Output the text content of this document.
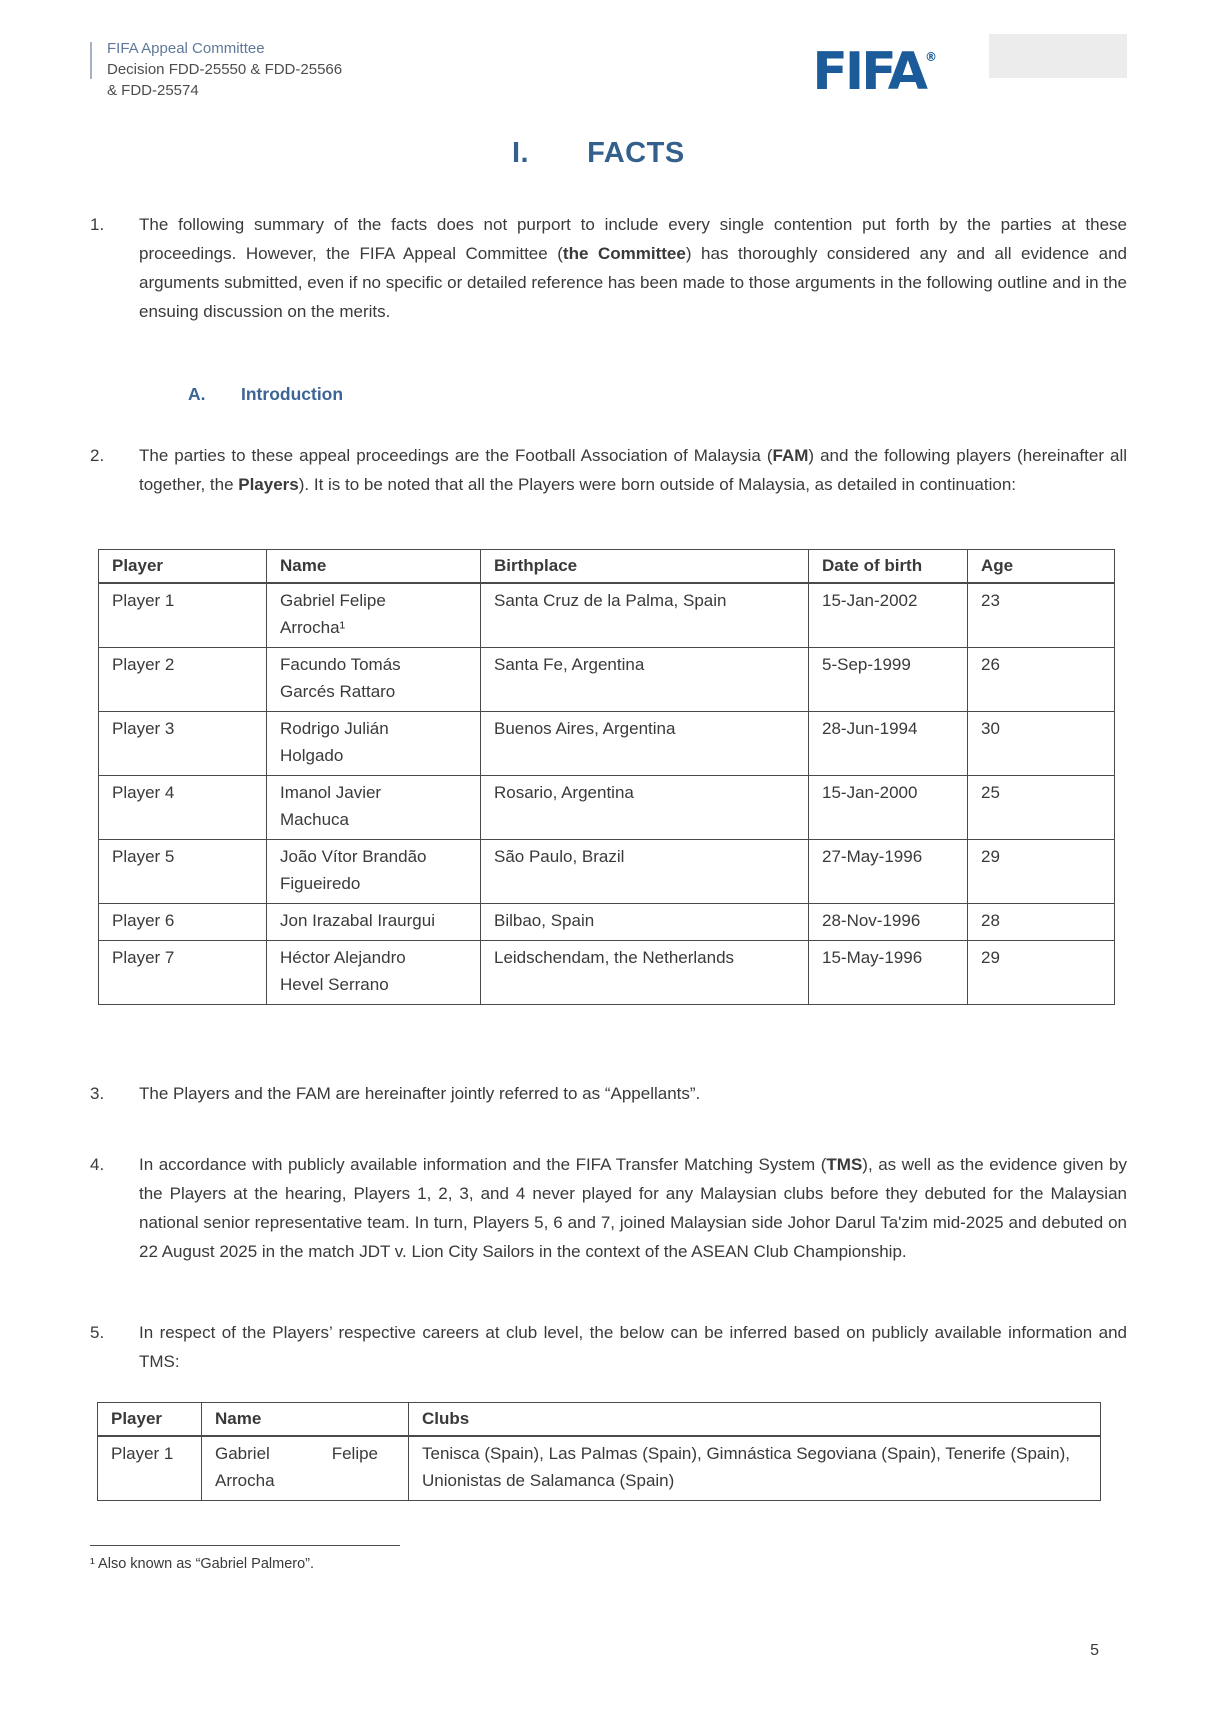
FIFA Appeal Committee
Decision FDD-25550 & FDD-25566
& FDD-25574	FIFA®
I. FACTS
1.	The following summary of the facts does not purport to include every single contention put forth by the parties at these proceedings. However, the FIFA Appeal Committee (the Committee) has thoroughly considered any and all evidence and arguments submitted, even if no specific or detailed reference has been made to those arguments in the following outline and in the ensuing discussion on the merits.
A.	Introduction
2.	The parties to these appeal proceedings are the Football Association of Malaysia (FAM) and the following players (hereinafter all together, the Players). It is to be noted that all the Players were born outside of Malaysia, as detailed in continuation:
Player	Name	Birthplace	Date of birth	Age
Player 1	Gabriel Felipe Arrocha¹	Santa Cruz de la Palma, Spain	15-Jan-2002	23
Player 2	Facundo Tomás Garcés Rattaro	Santa Fe, Argentina	5-Sep-1999	26
Player 3	Rodrigo Julián Holgado	Buenos Aires, Argentina	28-Jun-1994	30
Player 4	Imanol Javier Machuca	Rosario, Argentina	15-Jan-2000	25
Player 5	João Vítor Brandão Figueiredo	São Paulo, Brazil	27-May-1996	29
Player 6	Jon Irazabal Iraurgui	Bilbao, Spain	28-Nov-1996	28
Player 7	Héctor Alejandro Hevel Serrano	Leidschendam, the Netherlands	15-May-1996	29
3.	The Players and the FAM are hereinafter jointly referred to as “Appellants”.
4.	In accordance with publicly available information and the FIFA Transfer Matching System (TMS), as well as the evidence given by the Players at the hearing, Players 1, 2, 3, and 4 never played for any Malaysian clubs before they debuted for the Malaysian national senior representative team. In turn, Players 5, 6 and 7, joined Malaysian side Johor Darul Ta'zim mid-2025 and debuted on 22 August 2025 in the match JDT v. Lion City Sailors in the context of the ASEAN Club Championship.
5.	In respect of the Players’ respective careers at club level, the below can be inferred based on publicly available information and TMS:
Player	Name	Clubs
Player 1	Gabriel Felipe Arrocha	Tenisca (Spain), Las Palmas (Spain), Gimnástica Segoviana (Spain), Tenerife (Spain), Unionistas de Salamanca (Spain)
¹ Also known as “Gabriel Palmero”.
5
